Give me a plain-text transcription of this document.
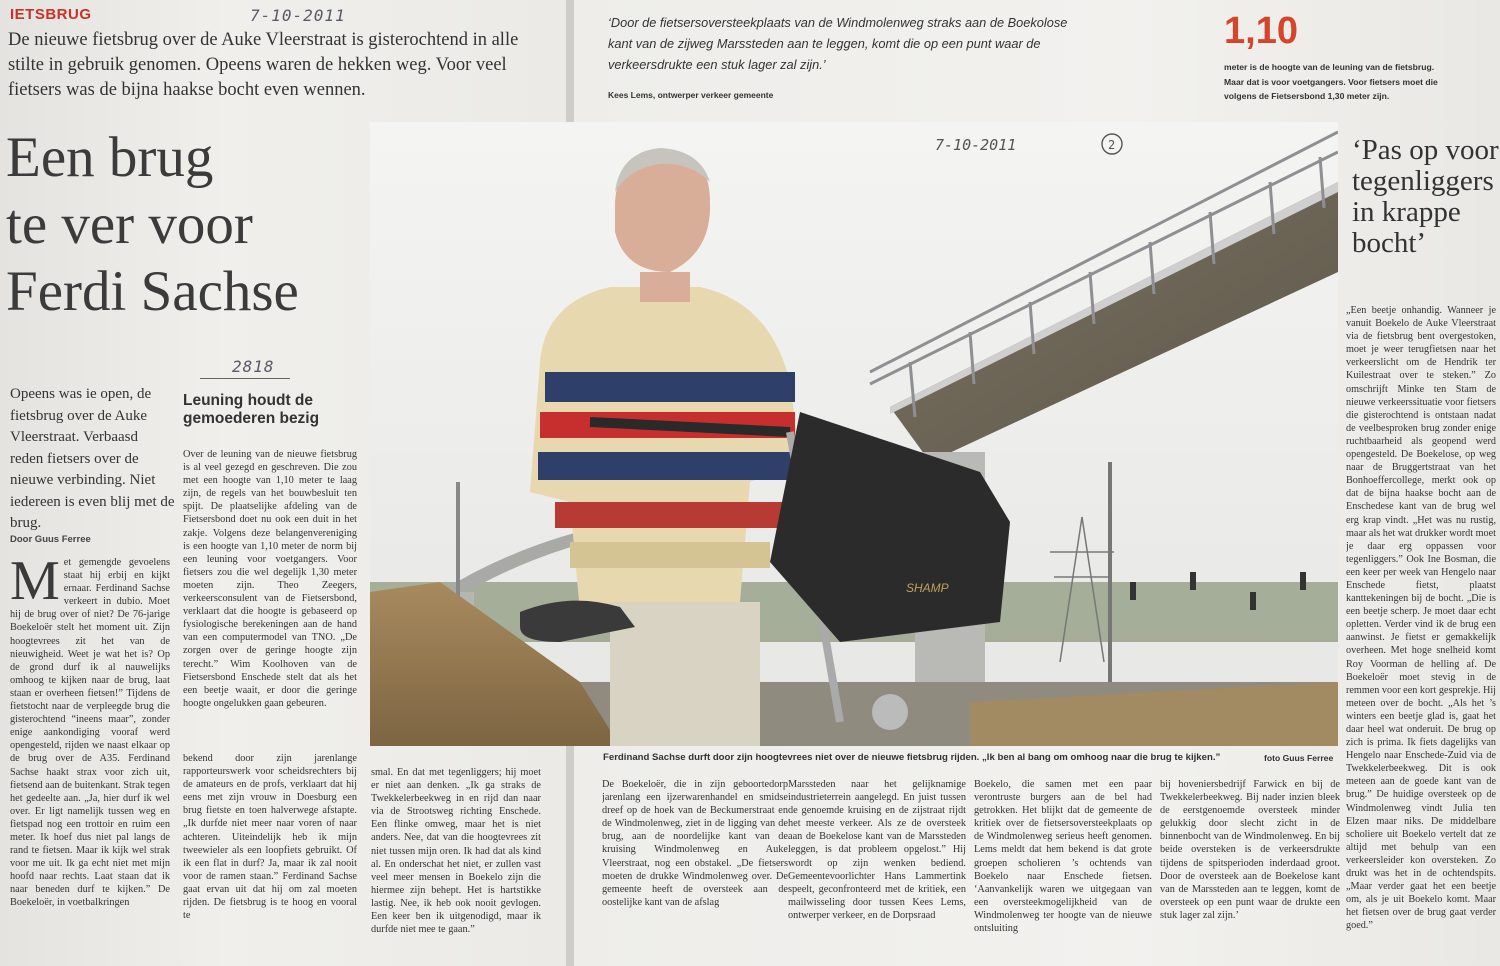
IETSBRUG	7-10-2011
De nieuwe fietsbrug over de Auke Vleerstraat is gisterochtend in alle stilte in gebruik genomen. Opeens waren de hekken weg. Voor veel fietsers was de bijna haakse bocht even wennen.
Een brug
te ver voor
Ferdi Sachse
2818
Opeens was ie open, de fietsbrug over de Auke Vleerstraat. Verbaasd reden fietsers over de nieuwe verbinding. Niet iedereen is even blij met de brug.
Door Guus Ferree
M et gemengde gevoelens staat hij erbij en kijkt ernaar. Ferdinand Sachse verkeert in dubio. Moet hij de brug over of niet? De 76-jarige Boekeloër stelt het moment uit. Zijn hoogtevrees zit het van de nieuwigheid. Weet je wat het is? Op de grond durf ik al nauwelijks omhoog te kijken naar de brug, laat staan er overheen fietsen!” Tijdens de fietstocht naar de verpleegde brug die gisterochtend “ineens maar”, zonder enige aankondiging vooraf werd opengesteld, rijden we naast elkaar op de brug over de A35. Ferdinand Sachse haakt strax voor zich uit, fietsend aan de buitenkant. Strak tegen het gedeelte aan. „Ja, hier durf ik wel over. Er ligt namelijk tussen weg en fietspad nog een trottoir en ruim een meter. Ik hoef dus niet pal langs de rand te fietsen. Maar ik kijk wel strak voor me uit. Ik ga echt niet met mijn hoofd naar rechts. Laat staan dat ik naar beneden durf te kijken.” De Boekeloër, in voetbalkringen
Leuning houdt de gemoederen bezig
Over de leuning van de nieuwe fietsbrug is al veel gezegd en geschreven. Die zou met een hoogte van 1,10 meter te laag zijn, de regels van het bouwbesluit ten spijt. De plaatselijke afdeling van de Fietsersbond doet nu ook een duit in het zakje. Volgens deze belangenvereniging is een hoogte van 1,10 meter de norm bij een leuning voor voetgangers. Voor fietsers zou die wel degelijk 1,30 meter moeten zijn. Theo Zeegers, verkeersconsulent van de Fietsersbond, verklaart dat die hoogte is gebaseerd op fysiologische berekeningen aan de hand van een computermodel van TNO. „De zorgen over de geringe hoogte zijn terecht.” Wim Koolhoven van de Fietsersbond Enschede stelt dat als het een beetje waait, er door die geringe hoogte ongelukken gaan gebeuren.
bekend door zijn jarenlange rapporteurswerk voor scheidsrechters bij de amateurs en de profs, verklaart dat hij eens met zijn vrouw in Doesburg een brug fietste en toen halverwege afstapte. „Ik durfde niet meer naar voren of naar achteren. Uiteindelijk heb ik mijn tweewieler als een loopfiets gebruikt. Of ik een flat in durf? Ja, maar ik zal nooit voor de ramen staan.” Ferdinand Sachse gaat ervan uit dat hij om zal moeten rijden. De fietsbrug is te hoog en vooral te
‘Door de fietsersoversteekplaats van de Windmolenweg straks aan de Boekolose kant van de zijweg Marssteden aan te leggen, komt die op een punt waar de verkeersdrukte een stuk lager zal zijn.’
Kees Lems, ontwerper verkeer gemeente
1,10
meter is de hoogte van de leuning van de fietsbrug. Maar dat is voor voetgangers. Voor fietsers moet die volgens de Fietsersbond 1,30 meter zijn.
‘Pas op voor
tegenliggers
in krappe
bocht’
„Een beetje onhandig. Wanneer je vanuit Boekelo de Auke Vleerstraat via de fietsbrug bent overgestoken, moet je weer terugfietsen naar het verkeerslicht om de Hendrik ter Kuilestraat over te steken.” Zo omschrijft Minke ten Stam de nieuwe verkeerssituatie voor fietsers die gisterochtend is ontstaan nadat de veelbesproken brug zonder enige ruchtbaarheid als geopend werd opengesteld. De Boekelose, op weg naar de Bruggertstraat van het Bonhoeffercollege, merkt ook op dat de bijna haakse bocht aan de Enschedese kant van de brug wel erg krap vindt. „Het was nu rustig, maar als het wat drukker wordt moet je daar erg oppassen voor tegenliggers.” Ook Ine Bosman, die een keer per week van Hengelo naar Enschede fietst, plaatst kanttekeningen bij de bocht. „Die is een beetje scherp. Je moet daar echt opletten. Verder vind ik de brug een aanwinst. Je fietst er gemakkelijk overheen. Met hoge snelheid komt Roy Voorman de helling af. De Boekeloër moet stevig in de remmen voor een kort gesprekje. Hij meteen over de bocht. „Als het ’s winters een beetje glad is, gaat het daar heel wat onderuit. De brug op zich is prima. Ik fiets dagelijks van Hengelo naar Enschede-Zuid via de Twekkelerbeekweg. Dit is ook meteen aan de goede kant van de brug.” De huidige oversteek op de Windmolenweg vindt Julia ten Elzen maar niks. De middelbare scholiere uit Boekelo vertelt dat ze altijd met behulp van een verkeersleider kon oversteken. Zo drukt was het in de ochtendspits. „Maar verder gaat het een beetje om, als je uit Boekelo komt. Maar het fietsen over de brug gaat verder goed.”
Ferdinand Sachse durft door zijn hoogtevrees niet over de nieuwe fietsbrug rijden. „Ik ben al bang om omhoog naar die brug te kijken.”	foto Guus Ferree
De Boekeloër, die in zijn geboortedorp jarenlang een ijzerwarenhandel en smidse dreef op de hoek van de Beckumerstraat en de Windmolenweg, ziet in de ligging van de brug, aan de noordelijke kant van de kruising Windmolenweg en Auke Vleerstraat, nog een obstakel. „De fietsers moeten de drukke Windmolenweg over. De gemeente heeft de oversteek aan de oostelijke kant van de afslag
Marssteden naar het gelijknamige industrieterrein aangelegd. En juist tussen de genoemde kruising en de zijstraat rijdt het meeste verkeer. Als ze de oversteek aan de Boekelose kant van de Marssteden leggen, is dat probleem opgelost.” Hij wordt op zijn wenken bediend. Gemeentevoorlichter Hans Lammertink speelt, geconfronteerd met de kritiek, een mailwisseling door tussen Kees Lems, ontwerper verkeer, en de Dorpsraad
Boekelo, die samen met een paar verontruste burgers aan de bel had getrokken. Het blijkt dat de gemeente de kritiek over de fietsersoversteekplaats op de Windmolenweg serieus heeft genomen. Lems meldt dat hem bekend is dat grote groepen scholieren ’s ochtends van Boekelo naar Enschede fietsen. ‘Aanvankelijk waren we uitgegaan van een oversteekmogelijkheid van de Windmolenweg ter hoogte van de nieuwe ontsluiting
bij hoveniersbedrijf Farwick en bij de Twekkelerbeekweg. Bij nader inzien bleek de eerstgenoemde oversteek minder gelukkig door slecht zicht in de binnenbocht van de Windmolenweg. En bij beide oversteken is de verkeersdrukte tijdens de spitsperioden inderdaad groot. Door de oversteek aan de Boekelose kant van de Marssteden aan te leggen, komt de oversteek op een punt waar de drukte een stuk lager zal zijn.’
smal. En dat met tegenliggers; hij moet er niet aan denken. „Ik ga straks de Twekkelerbeekweg in en rijd dan naar via de Strootsweg richting Enschede. Een flinke omweg, maar het is niet anders. Nee, dat van die hoogtevrees zit niet tussen mijn oren. Ik had dat als kind al. En onderschat het niet, er zullen vast veel meer mensen in Boekelo zijn die hiermee zijn behept. Het is hartstikke lastig. Nee, ik heb ook nooit gevlogen. Een keer ben ik uitgenodigd, maar ik durfde niet mee te gaan.”
SHAMP
7-10-2011	2
